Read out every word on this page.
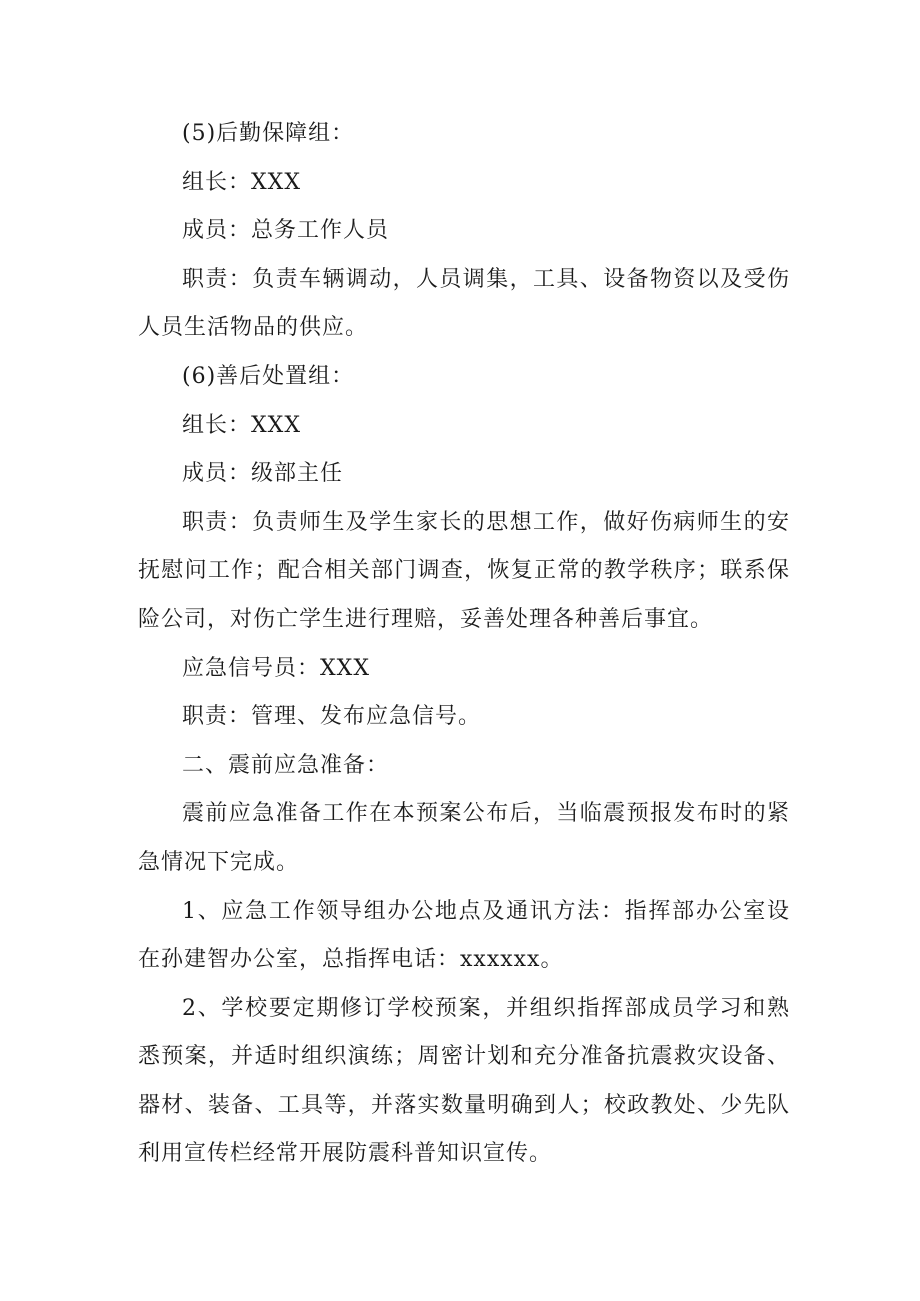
(5)后勤保障组：

组长：XXX

成员：总务工作人员

职责：负责车辆调动，人员调集，工具、设备物资以及受伤人员生活物品的供应。

(6)善后处置组：

组长：XXX

成员：级部主任

职责：负责师生及学生家长的思想工作，做好伤病师生的安抚慰问工作；配合相关部门调查，恢复正常的教学秩序；联系保险公司，对伤亡学生进行理赔，妥善处理各种善后事宜。

应急信号员：XXX

职责：管理、发布应急信号。

二、震前应急准备：

震前应急准备工作在本预案公布后，当临震预报发布时的紧急情况下完成。

1、应急工作领导组办公地点及通讯方法：指挥部办公室设在孙建智办公室，总指挥电话：xxxxxx。

2、学校要定期修订学校预案，并组织指挥部成员学习和熟悉预案，并适时组织演练；周密计划和充分准备抗震救灾设备、器材、装备、工具等，并落实数量明确到人；校政教处、少先队利用宣传栏经常开展防震科普知识宣传。
